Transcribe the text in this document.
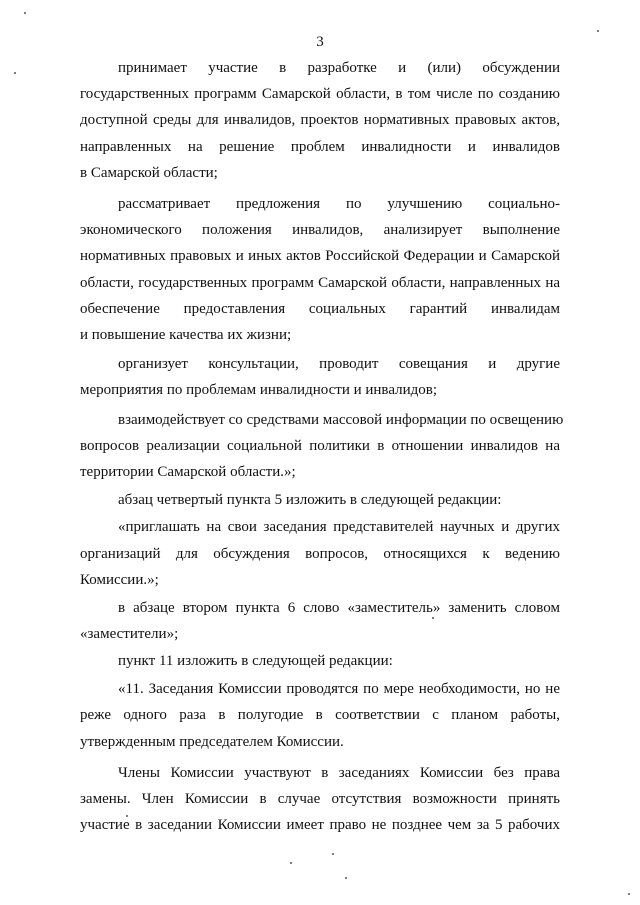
3
принимает участие в разработке и (или) обсуждении
государственных программ Самарской области, в том числе по созданию
доступной среды для инвалидов, проектов нормативных правовых актов,
направленных на решение проблем инвалидности и инвалидов
в Самарской области;
рассматривает предложения по улучшению социально-
экономического положения инвалидов, анализирует выполнение
нормативных правовых и иных актов Российской Федерации и Самарской
области, государственных программ Самарской области, направленных на
обеспечение предоставления социальных гарантий инвалидам
и повышение качества их жизни;
организует консультации, проводит совещания и другие
мероприятия по проблемам инвалидности и инвалидов;
взаимодействует со средствами массовой информации по освещению
вопросов реализации социальной политики в отношении инвалидов на
территории Самарской области.»;
абзац четвертый пункта 5 изложить в следующей редакции:
«приглашать на свои заседания представителей научных и других
организаций для обсуждения вопросов, относящихся к ведению
Комиссии.»;
в абзаце втором пункта 6 слово «заместитель» заменить словом
«заместители»;
пункт 11 изложить в следующей редакции:
«11. Заседания Комиссии проводятся по мере необходимости, но не
реже одного раза в полугодие в соответствии с планом работы,
утвержденным председателем Комиссии.
Члены Комиссии участвуют в заседаниях Комиссии без права
замены. Член Комиссии в случае отсутствия возможности принять
участие в заседании Комиссии имеет право не позднее чем за 5 рабочих
